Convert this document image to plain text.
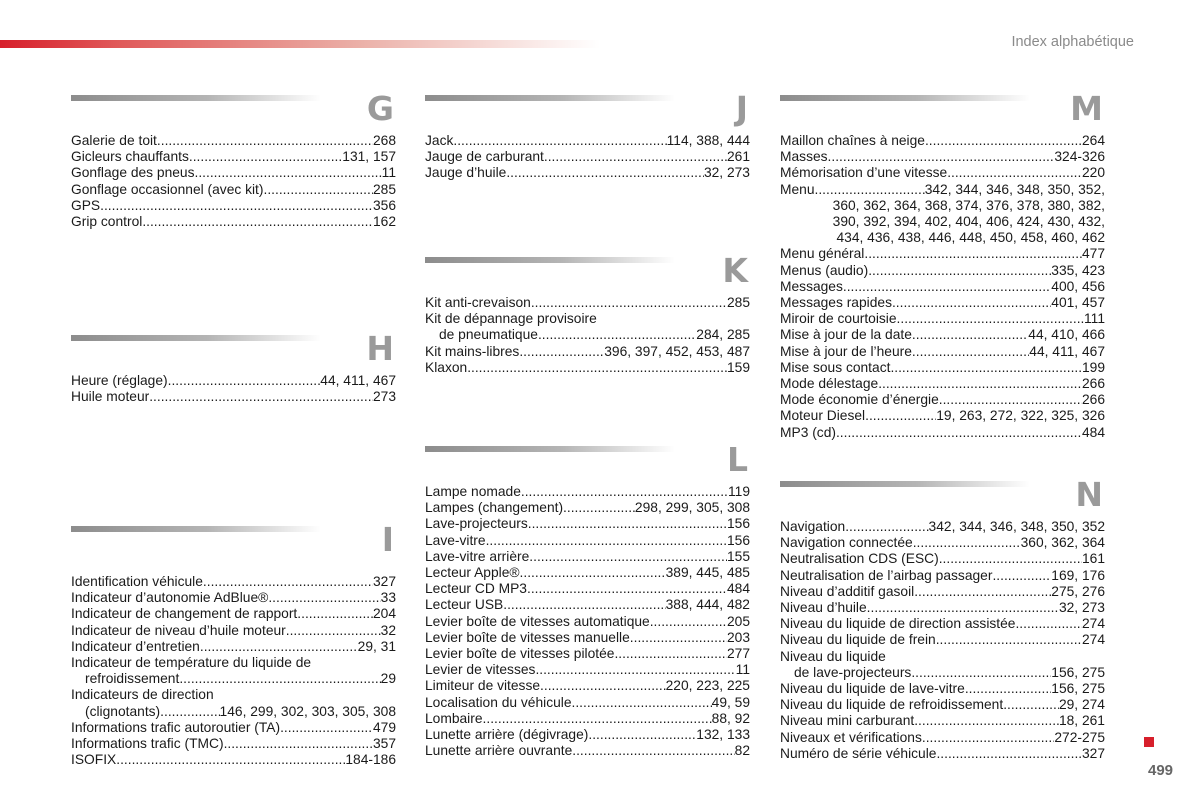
Index alphabétique
G
Galerie de toit .....	268
Gicleurs chauffants .....	131, 157
Gonflage des pneus .....	11
Gonflage occasionnel (avec kit) .....	285
GPS .....	356
Grip control .....	162
H
Heure (réglage) .....	44, 411, 467
Huile moteur .....	273
I
Identification véhicule .....	327
Indicateur d’autonomie AdBlue® .....	33
Indicateur de changement de rapport .....	204
Indicateur de niveau d’huile moteur .....	32
Indicateur d’entretien .....	29, 31
Indicateur de température du liquide de
refroidissement .....	29
Indicateurs de direction
(clignotants) .....	146, 299, 302, 303, 305, 308
Informations trafic autoroutier (TA) .....	479
Informations trafic (TMC) .....	357
ISOFIX .....	184-186
J
Jack .....	114, 388, 444
Jauge de carburant .....	261
Jauge d’huile .....	32, 273
K
Kit anti-crevaison .....	285
Kit de dépannage provisoire
de pneumatique .....	284, 285
Kit mains-libres .....	396, 397, 452, 453, 487
Klaxon .....	159
L
Lampe nomade .....	119
Lampes (changement) .....	298, 299, 305, 308
Lave-projecteurs .....	156
Lave-vitre .....	156
Lave-vitre arrière .....	155
Lecteur Apple® .....	389, 445, 485
Lecteur CD MP3 .....	484
Lecteur USB .....	388, 444, 482
Levier boîte de vitesses automatique .....	205
Levier boîte de vitesses manuelle .....	203
Levier boîte de vitesses pilotée .....	277
Levier de vitesses .....	11
Limiteur de vitesse .....	220, 223, 225
Localisation du véhicule .....	49, 59
Lombaire .....	88, 92
Lunette arrière (dégivrage) .....	132, 133
Lunette arrière ouvrante .....	82
M
Maillon chaînes à neige .....	264
Masses .....	324-326
Mémorisation d’une vitesse .....	220
Menu .....	342, 344, 346, 348, 350, 352,
360, 362, 364, 368, 374, 376, 378, 380, 382,
390, 392, 394, 402, 404, 406, 424, 430, 432,
434, 436, 438, 446, 448, 450, 458, 460, 462
Menu général .....	477
Menus (audio) .....	335, 423
Messages .....	400, 456
Messages rapides .....	401, 457
Miroir de courtoisie .....	111
Mise à jour de la date .....	44, 410, 466
Mise à jour de l’heure .....	44, 411, 467
Mise sous contact .....	199
Mode délestage .....	266
Mode économie d’énergie .....	266
Moteur Diesel .....	19, 263, 272, 322, 325, 326
MP3 (cd) .....	484
N
Navigation .....	342, 344, 346, 348, 350, 352
Navigation connectée .....	360, 362, 364
Neutralisation CDS (ESC) .....	161
Neutralisation de l’airbag passager .....	169, 176
Niveau d’additif gasoil .....	275, 276
Niveau d’huile .....	32, 273
Niveau du liquide de direction assistée .....	274
Niveau du liquide de frein .....	274
Niveau du liquide
de lave-projecteurs .....	156, 275
Niveau du liquide de lave-vitre .....	156, 275
Niveau du liquide de refroidissement .....	29, 274
Niveau mini carburant .....	18, 261
Niveaux et vérifications .....	272-275
Numéro de série véhicule .....	327
499
